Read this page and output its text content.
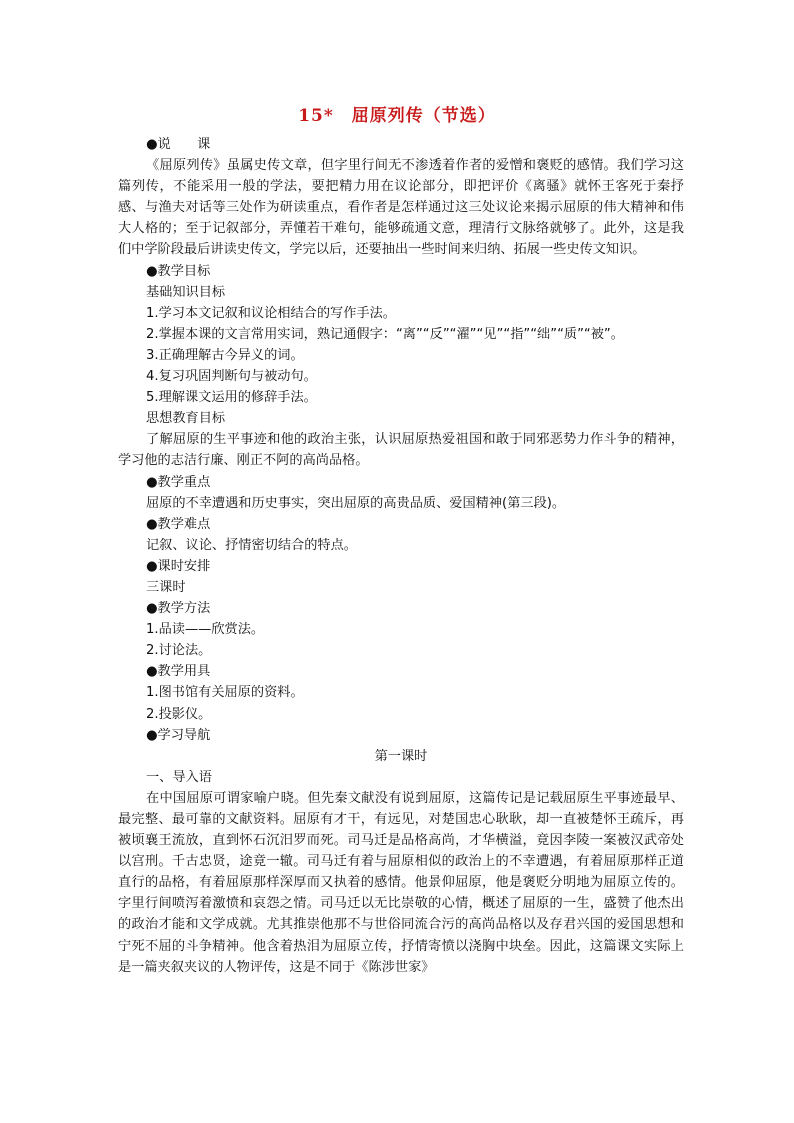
15*　屈原列传（节选）

●说　　课

《屈原列传》虽属史传文章，但字里行间无不渗透着作者的爱憎和褒贬的感情。我们学习这篇列传，不能采用一般的学法，要把精力用在议论部分，即把评价《离骚》就怀王客死于秦抒感、与渔夫对话等三处作为研读重点，看作者是怎样通过这三处议论来揭示屈原的伟大精神和伟大人格的；至于记叙部分，弄懂若干难句，能够疏通文意，理清行文脉络就够了。此外，这是我们中学阶段最后讲读史传文，学完以后，还要抽出一些时间来归纳、拓展一些史传文知识。

●教学目标

基础知识目标

1.学习本文记叙和议论相结合的写作手法。

2.掌握本课的文言常用实词，熟记通假字：“离”“反”“濯”“见”“指”“绌”“质”“被”。

3.正确理解古今异义的词。

4.复习巩固判断句与被动句。

5.理解课文运用的修辞手法。

思想教育目标

了解屈原的生平事迹和他的政治主张，认识屈原热爱祖国和敢于同邪恶势力作斗争的精神，学习他的志洁行廉、刚正不阿的高尚品格。

●教学重点

屈原的不幸遭遇和历史事实，突出屈原的高贵品质、爱国精神(第三段)。

●教学难点

记叙、议论、抒情密切结合的特点。

●课时安排

三课时

●教学方法

1.品读——欣赏法。

2.讨论法。

●教学用具

1.图书馆有关屈原的资料。

2.投影仪。

●学习导航

第一课时

一、导入语

在中国屈原可谓家喻户晓。但先秦文献没有说到屈原，这篇传记是记载屈原生平事迹最早、最完整、最可靠的文献资料。屈原有才干，有远见，对楚国忠心耿耿，却一直被楚怀王疏斥，再被顷襄王流放，直到怀石沉汨罗而死。司马迁是品格高尚，才华横溢，竟因李陵一案被汉武帝处以宫刑。千古忠贤，途竟一辙。司马迁有着与屈原相似的政治上的不幸遭遇，有着屈原那样正道直行的品格，有着屈原那样深厚而又执着的感情。他景仰屈原，他是褒贬分明地为屈原立传的。字里行间喷泻着激愤和哀怨之情。司马迁以无比崇敬的心情，概述了屈原的一生，盛赞了他杰出的政治才能和文学成就。尤其推崇他那不与世俗同流合污的高尚品格以及存君兴国的爱国思想和宁死不屈的斗争精神。他含着热泪为屈原立传，抒情寄愤以浇胸中块垒。因此，这篇课文实际上是一篇夹叙夹议的人物评传，这是不同于《陈涉世家》
